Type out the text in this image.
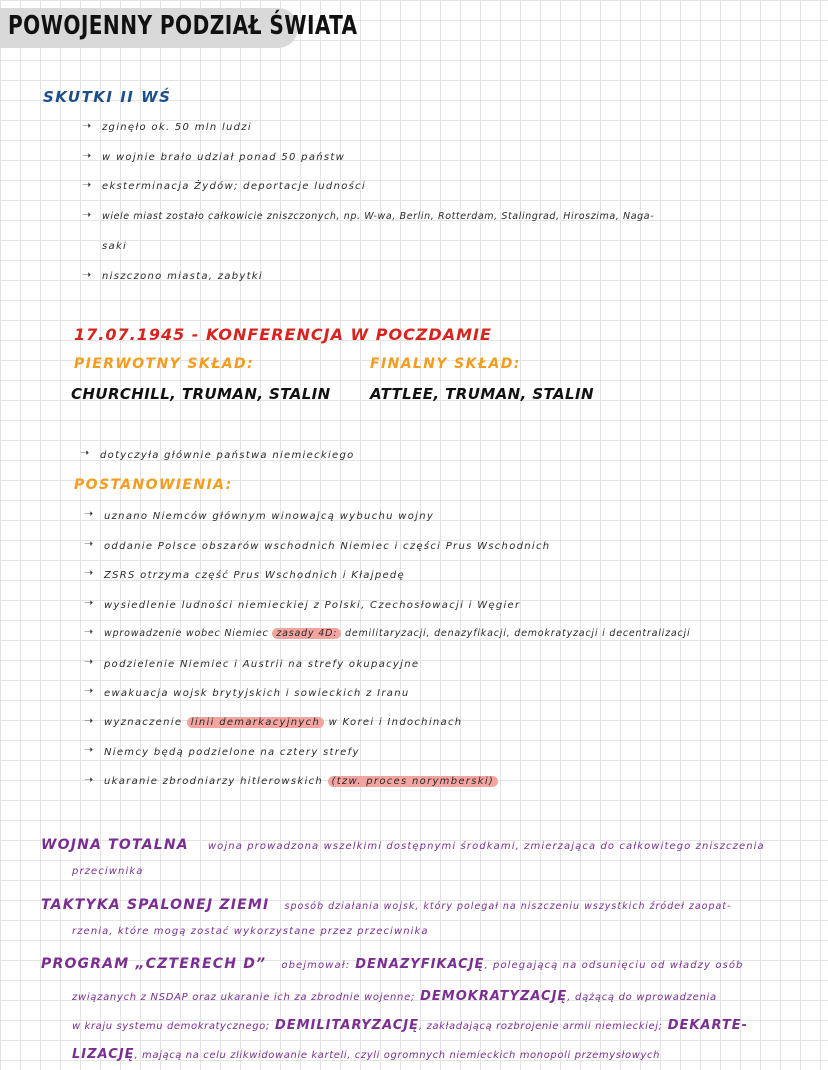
POWOJENNY PODZIAŁ ŚWIATA
SKUTKI II WŚ
➝ zginęło ok. 50 mln ludzi
➝ w wojnie brało udział ponad 50 państw
➝ eksterminacja Żydów; deportacje ludności
➝ wiele miast zostało całkowicie zniszczonych, np. W-wa, Berlin, Rotterdam, Stalingrad, Hiroszima, Naga-
saki
➝ niszczono miasta, zabytki
17.07.1945 - KONFERENCJA W POCZDAMIE
PIERWOTNY SKŁAD:
CHURCHILL, TRUMAN, STALIN
FINALNY SKŁAD:
ATTLEE, TRUMAN, STALIN
➝ dotyczyła głównie państwa niemieckiego
POSTANOWIENIA:
➝ uznano Niemców głównym winowajcą wybuchu wojny
➝ oddanie Polsce obszarów wschodnich Niemiec i części Prus Wschodnich
➝ ZSRS otrzyma część Prus Wschodnich i Kłajpedę
➝ wysiedlenie ludności niemieckiej z Polski, Czechosłowacji i Węgier
➝ wprowadzenie wobec Niemiec zasady 4D: demilitaryzacji, denazyfikacji, demokratyzacji i decentralizacji
➝ podzielenie Niemiec i Austrii na strefy okupacyjne
➝ ewakuacja wojsk brytyjskich i sowieckich z Iranu
➝ wyznaczenie linii demarkacyjnych w Korei i Indochinach
➝ Niemcy będą podzielone na cztery strefy
➝ ukaranie zbrodniarzy hitlerowskich (tzw. proces norymberski)
WOJNA TOTALNA wojna prowadzona wszelkimi dostępnymi środkami, zmierzająca do całkowitego zniszczenia
przeciwnika
TAKTYKA SPALONEJ ZIEMI sposób działania wojsk, który polegał na niszczeniu wszystkich źródeł zaopat-
rzenia, które mogą zostać wykorzystane przez przeciwnika
PROGRAM „CZTERECH D” obejmował: DENAZYFIKACJĘ, polegającą na odsunięciu od władzy osób
związanych z NSDAP oraz ukaranie ich za zbrodnie wojenne; DEMOKRATYZACJĘ, dążącą do wprowadzenia
w kraju systemu demokratycznego; DEMILITARYZACJĘ, zakładającą rozbrojenie armii niemieckiej; DEKARTE-
LIZACJĘ, mającą na celu zlikwidowanie karteli, czyli ogromnych niemieckich monopoli przemysłowych
